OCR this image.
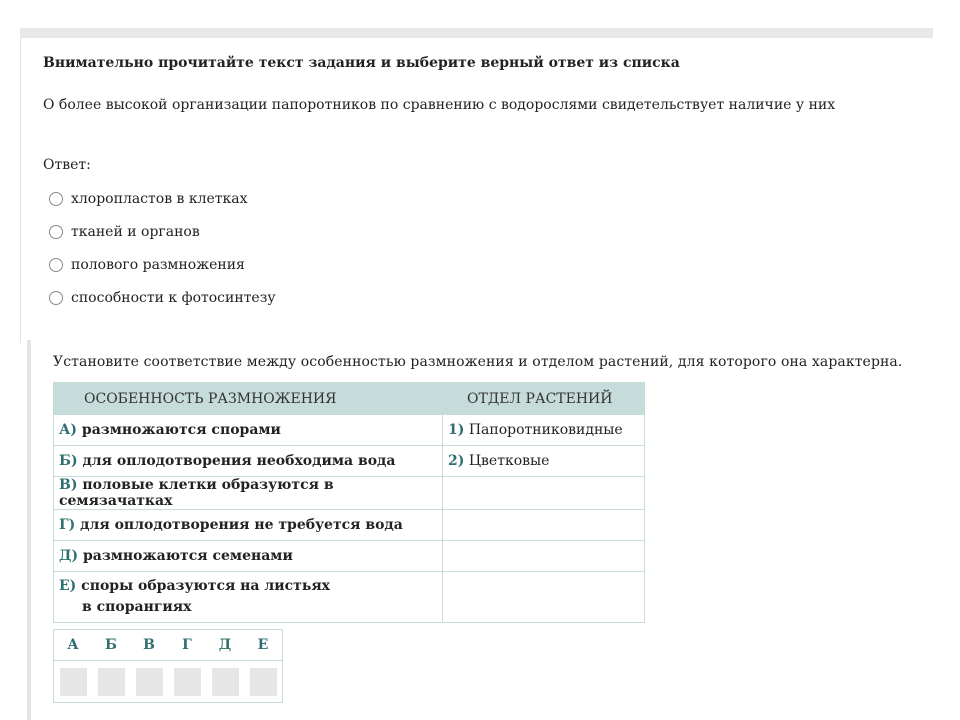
Внимательно прочитайте текст задания и выберите верный ответ из списка

О более высокой организации папоротников по сравнению с водорослями свидетельствует наличие у них

Ответ:

хлоропластов в клетках
тканей и органов
полового размножения
способности к фотосинтезу

Установите соответствие между особенностью размножения и отделом растений, для которого она характерна.

ОСОБЕННОСТЬ РАЗМНОЖЕНИЯ	ОТДЕЛ РАСТЕНИЙ
А) размножаются спорами	1) Папоротниковидные
Б) для оплодотворения необходима вода	2) Цветковые
В) половые клетки образуются в семязачатках	
Г) для оплодотворения не требуется вода	
Д) размножаются семенами	
Е) споры образуются на листьях
в спорангиях	
А	Б	В	Г	Д	Е
